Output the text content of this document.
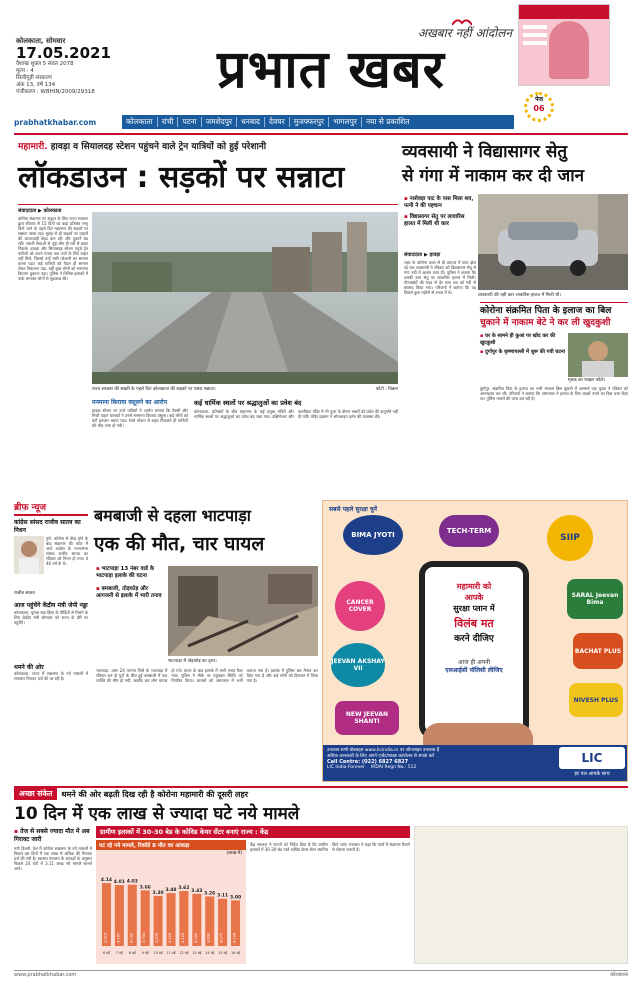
कोलकाता, सोमवार
17.05.2021
वैशाख शुक्ल 5 संवत 2078
मूल्य : 4
सिलीगुड़ी संस्करण
अंक 13, वर्ष 134
पंजीकरण : WBHIN/2009/29318
अखबार नहीं आंदोलन
प्रभात खबर	पेज
06
prabhatkhabar.com	कोलकाता	रांची	पटना	जमशेदपुर	धनबाद	देवघर	मुजफ्फरपुर	भागलपुर	नया से प्रकाशित
महामारी. हावड़ा व सियालदह स्टेशन पहुंचने वाले ट्रेन यात्रियों को हुई परेशानी
लॉकडाउन : सड़कों पर सन्नाटा
संवाददाता ▶ कोलकाता
कोरोना संक्रमण पर अंकुश के लिए राज्य सरकार द्वारा रविवार से 15 दिनों का कड़ा प्रतिबंध लागू किये जाने के पहले दिन महानगर की सड़कों पर सन्नाटा पसरा रहा। सुबह से ही सड़कों पर वाहनों की आवाजाही बेहद कम रही और दुकानें बंद रहीं। जरूरी सेवाओं से जुड़े लोग ही घरों से बाहर निकले। हावड़ा और सियालदह स्टेशन पहुंचे ट्रेन यात्रियों को अपने गंतव्य तक जाने के लिए वाहन नहीं मिले, जिससे उन्हें भारी परेशानी का सामना करना पड़ा। कई यात्रियों को पैदल ही सामान लेकर निकलना पड़ा, वहीं कुछ लोगों को मनमाना किराया चुकाना पड़ा। पुलिस ने विभिन्न इलाकों में नाके लगाकर लोगों से पूछताछ की।
राज्य सरकार की सख्ती के पहले दिन कोलकाता की सड़कों पर पसरा सन्नाटा।	फोटो : विक्रम
मनमाना किराया वसूलने का आरोप
हावड़ा स्टेशन पर उतरे यात्रियों ने आरोप लगाया कि टैक्सी और निजी वाहन चालकों ने उनसे मनमाना किराया वसूला। कई लोगों को घंटों इंतजार करना पड़ा। रेलवे स्टेशन से बाहर निकलते ही यात्रियों की भीड़ जमा हो गयी।
कई धार्मिक स्थलों पर श्रद्धालुओं का प्रवेश बंद
कोलकाता. प्रतिबंधों के बीच महानगर के कई प्रमुख मंदिरों और धार्मिक स्थलों पर श्रद्धालुओं का प्रवेश बंद रखा गया। दक्षिणेश्वर और कालीघाट मंदिर में भी पूजा के दौरान भक्तों को प्रवेश की अनुमति नहीं दी गयी। मंदिर प्रबंधन ने ऑनलाइन दर्शन की व्यवस्था की।
व्यवसायी ने विद्यासागर सेतु
से गंगा में नाकाम कर दी जान
▪ नाशेवड़ा पाट के पास मिला शव, पत्नी ने की पहचान
▪ विद्यासागर सेतु पर लावारिस हालत में मिली थी कार
व्यवसायी की यही कार लावारिस हालत में मिली थी।
संवाददाता ▶ हावड़ा
शहर के कोरोना काल से ही व्यापार में घाटा झेल रहे एक व्यवसायी ने रविवार को विद्यासागर सेतु से गंगा नदी में छलांग लगा दी। पुलिस ने बताया कि उसकी कार सेतु पर लावारिस हालत में मिली। गोताखोरों की मदद से देर शाम शव को नदी से बरामद किया गया। परिजनों ने बताया कि वह पिछले कुछ महीनों से तनाव में थे।
कोरोना संक्रमित पिता के इलाज का बिल
चुकाने में नाकाम बेटे ने कर ली खुदकुशी
▪ घर के सामने ही कुआं पर खोद कर की खुदकुशी
▪ दुर्गापुर के कृष्णापल्ली में शुरू की गयी घटना
मृतक का फाइल फोटो।
दुर्गापुर. संक्रमित पिता के इलाज का भारी भरकम बिल चुकाने में असमर्थ एक युवक ने रविवार को आत्महत्या कर ली। परिजनों ने बताया कि अस्पताल ने इलाज के लिए लाखों रुपये का बिल थमा दिया था। पुलिस मामले की जांच कर रही है।
ब्रीफ न्यूज
कांग्रेस सांसद राजीव सातव का निधन
पुणे. कोरोना से ठीक होने के बाद संक्रमण की चपेट में आये कांग्रेस के राज्यसभा सांसद राजीव सातव का रविवार को निधन हो गया। वे 46 वर्ष के थे।
राजीव सातव
आज पहुंचेंगे केंद्रीय मंत्री जेपी नड्डा
कोलकाता. चुनाव बाद हिंसा के पीड़ितों से मिलने के लिए केंद्रीय मंत्री सोमवार को राज्य के दौरे पर पहुंचेंगे।
थमने की ओर
कोलकाता. राज्य में संक्रमण के नये मामलों में लगातार गिरावट दर्ज की जा रही है।
बमबाजी से दहला भाटपाड़ा
एक की मौत, चार घायल
▪ भाटपाड़ा 13 नंबर वार्ड के भाटपाड़ा इलाके की घटना
▪ बमबाजी, तोड़फोड़ और आगजनी से इलाके में भारी तनाव
भाटपाड़ा में तोड़फोड़ का दृश्य।
भाटपाड़ा. उत्तर 24 परगना जिले के भाटपाड़ा में रविवार रात दो गुटों के बीच हुई बमबाजी में एक व्यक्ति की मौत हो गयी, जबकि चार लोग घायल हो गये। घटना के बाद इलाके में भारी तनाव फैल गया। पुलिस ने मौके पर पहुंचकर स्थिति को नियंत्रित किया। घायलों को अस्पताल में भर्ती कराया गया है। इलाके में पुलिस बल तैनात कर दिया गया है और कई लोगों को हिरासत में लिया गया है।
सबसे पहले सुरक्षा चुनें
BIMA JYOTI	TECH-TERM
SIIP
CANCER COVER
SARAL Jeevan Bima
JEEVAN AKSHAY VII
BACHAT PLUS
NEW JEEVAN SHANTI
NIVESH PLUS
महामारी को
आपके
सुरक्षा प्लान में
विलंब मत
करने दीजिए
आज ही अपनी
एलआईसी पॉलिसी लीजिए
उपलब्ध सभी प्रोडक्ट्स www.licindia.in पर ऑनलाइन उपलब्ध हैं
अधिक जानकारी के लिए अपने एजेंट/शाखा कार्यालय से संपर्क करें
Call Centre: (022) 6827 6827
LIC India Forever IRDAI Regn No.: 512
LIC
हर पल आपके साथ
अच्छा संकेत	थमने की ओर बढ़ती दिख रही है कोरोना महामारी की दूसरी लहर
10 दिन में एक लाख से ज्यादा घटे नये मामले
▪ तेज से सबसे ज्यादा मौत में अब गिरावट जारी
नयी दिल्ली. देश में कोरोना संक्रमण के नये मामलों में पिछले दस दिनों में एक लाख से अधिक की गिरावट दर्ज की गयी है। स्वास्थ्य मंत्रालय के आंकड़ों के अनुसार पिछले 24 घंटों में 3.11 लाख नये मामले सामने आये।
ग्रामीण इलाकों में 30-30 बेड के कोविड केयर सेंटर बनाएं राज्य : केंद्र
घट रहे नये मामले, रिकॉर्ड 8 मौत का आंकड़ा
(लाख में)
4.14
3,915
6 मई
4.01
4,187
7 मई
4.03
4,092
8 मई
3.66
3,754
9 मई
3.30
3,876
10 मई
3.48
4,205
11 मई
3.62
4,120
12 मई
3.43
4,000
13 मई
3.26
3,890
14 मई
3.11
4,077
15 मई
3.00
4,106
16 मई
केंद्र सरकार ने राज्यों को निर्देश दिया है कि ग्रामीण इलाकों में 30-30 बेड वाले कोविड केयर सेंटर स्थापित किये जाएं। मंत्रालय ने कहा कि गांवों में संक्रमण फैलने से रोकना जरूरी है।
www.prabhatkhabar.com	कोलकाता
